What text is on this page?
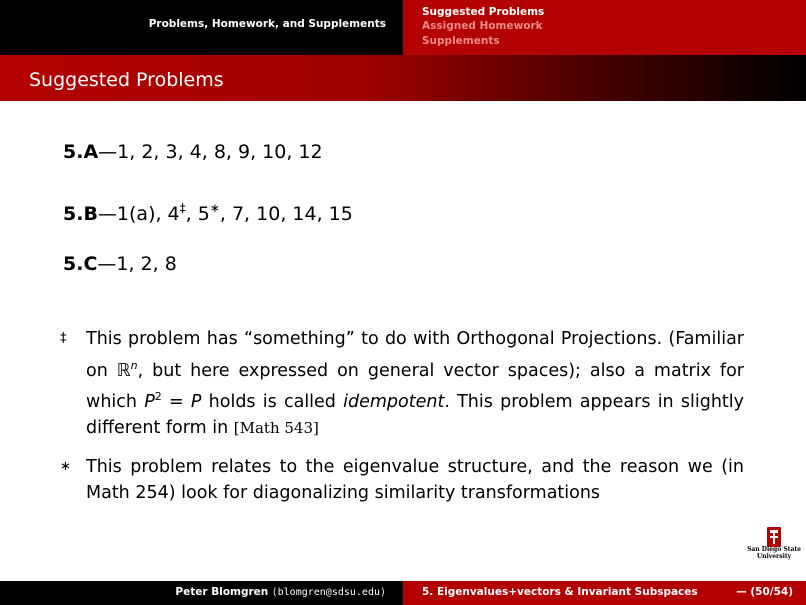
Problems, Homework, and Supplements
Suggested Problems
Assigned Homework
Supplements
Suggested Problems
5.A—1, 2, 3, 4, 8, 9, 10, 12
5.B—1(a), 4‡, 5∗, 7, 10, 14, 15
5.C—1, 2, 8
‡ This problem has “something” to do with Orthogonal Projections. (Familiar on ℝ$^n$, but here expressed on general vector spaces); also a matrix for which $P^2 = P$ holds is called idempotent. This problem appears in slightly different form in [Math 543]
∗ This problem relates to the eigenvalue structure, and the reason we (in Math 254) look for diagonalizing similarity transformations
San Diego State
University
Peter Blomgren ⟨blomgren@sdsu.edu⟩	5. Eigenvalues+vectors & Invariant Subspaces	— (50/54)
